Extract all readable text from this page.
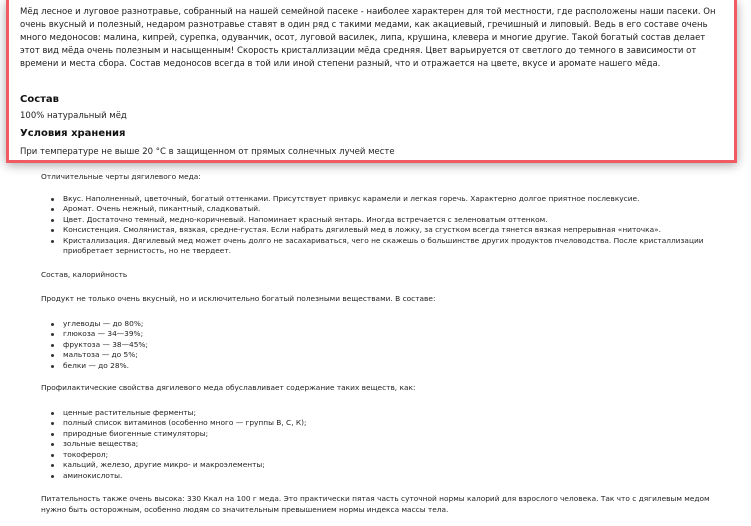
Мёд лесное и луговое разнотравье, собранный на нашей семейной пасеке - наиболее характерен для той местности, где расположены наши пасеки. Он очень вкусный и полезный, недаром разнотравье ставят в один ряд с такими медами, как акациевый, гречишный и липовый. Ведь в его составе очень много медоносов: малина, кипрей, сурепка, одуванчик, осот, луговой василек, липа, крушина, клевера и многие другие. Такой богатый состав делает этот вид мёда очень полезным и насыщенным! Скорость кристаллизации мёда средняя. Цвет варьируется от светлого до темного в зависимости от времени и места сбора. Состав медоносов всегда в той или иной степени разный, что и отражается на цвете, вкусе и аромате нашего мёда.

Состав

100% натуральный мёд

Условия хранения

При температуре не выше 20 °С в защищенном от прямых солнечных лучей месте

Отличительные черты дягилевого меда:

Вкус. Наполненный, цветочный, богатый оттенками. Присутствует привкус карамели и легкая горечь. Характерно долгое приятное послевкусие.
Аромат. Очень нежный, пикантный, сладковатый.
Цвет. Достаточно темный, медно-коричневый. Напоминает красный янтарь. Иногда встречается с зеленоватым оттенком.
Консистенция. Смолянистая, вязкая, средне-густая. Если набрать дягилевый мед в ложку, за сгустком всегда тянется вязкая непрерывная «ниточка».
Кристаллизация. Дягилевый мед может очень долго не засахариваться, чего не скажешь о большинстве других продуктов пчеловодства. После кристаллизации приобретает зернистость, но не твердеет.

Состав, калорийность

Продукт не только очень вкусный, но и исключительно богатый полезными веществами. В составе:

углеводы — до 80%;
глюкоза — 34—39%;
фруктоза — 38—45%;
мальтоза — до 5%;
белки — до 28%.

Профилактические свойства дягилевого меда обуславливает содержание таких веществ, как:

ценные растительные ферменты;
полный список витаминов (особенно много — группы В, С, К);
природные биогенные стимуляторы;
зольные вещества;
токоферол;
кальций, железо, другие микро- и макроэлементы;
аминокислоты.

Питательность также очень высока: 330 Ккал на 100 г меда. Это практически пятая часть суточной нормы калорий для взрослого человека. Так что с дягилевым медом нужно быть осторожным, особенно людям со значительным превышением нормы индекса массы тела.
